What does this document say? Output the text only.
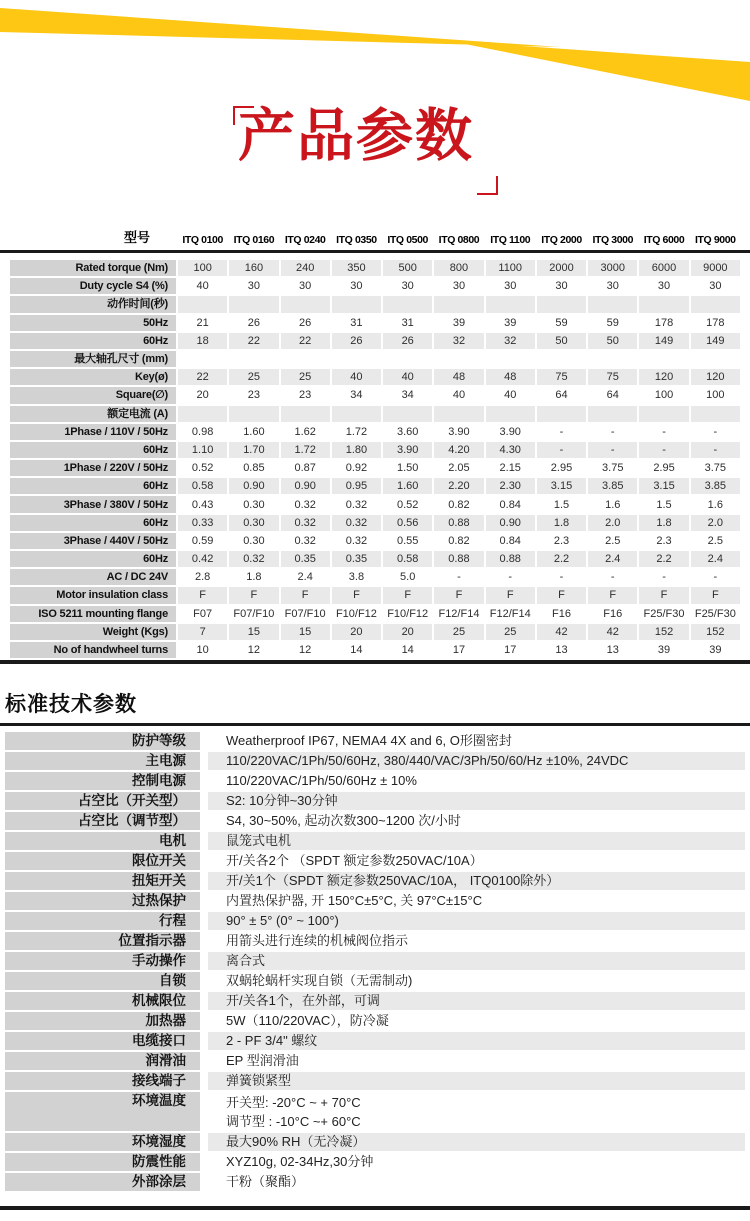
产品参数
型号	ITQ 0100	ITQ 0160	ITQ 0240	ITQ 0350	ITQ 0500	ITQ 0800	ITQ 1100	ITQ 2000	ITQ 3000	ITQ 6000	ITQ 9000
Rated torque (Nm)	100	160	240	350	500	800	1100	2000	3000	6000	9000
Duty cycle S4 (%)	40	30	30	30	30	30	30	30	30	30	30
动作时间(秒)											
50Hz	21	26	26	31	31	39	39	59	59	178	178
60Hz	18	22	22	26	26	32	32	50	50	149	149
最大轴孔尺寸 (mm)											
Key(ø)	22	25	25	40	40	48	48	75	75	120	120
Square(∅)	20	23	23	34	34	40	40	64	64	100	100
额定电流 (A)											
1Phase / 110V / 50Hz	0.98	1.60	1.62	1.72	3.60	3.90	3.90	-	-	-	-
60Hz	1.10	1.70	1.72	1.80	3.90	4.20	4.30	-	-	-	-
1Phase / 220V / 50Hz	0.52	0.85	0.87	0.92	1.50	2.05	2.15	2.95	3.75	2.95	3.75
60Hz	0.58	0.90	0.90	0.95	1.60	2.20	2.30	3.15	3.85	3.15	3.85
3Phase / 380V / 50Hz	0.43	0.30	0.32	0.32	0.52	0.82	0.84	1.5	1.6	1.5	1.6
60Hz	0.33	0.30	0.32	0.32	0.56	0.88	0.90	1.8	2.0	1.8	2.0
3Phase / 440V / 50Hz	0.59	0.30	0.32	0.32	0.55	0.82	0.84	2.3	2.5	2.3	2.5
60Hz	0.42	0.32	0.35	0.35	0.58	0.88	0.88	2.2	2.4	2.2	2.4
AC / DC 24V	2.8	1.8	2.4	3.8	5.0	-	-	-	-	-	-
Motor insulation class	F	F	F	F	F	F	F	F	F	F	F
ISO 5211 mounting flange	F07	F07/F10	F07/F10	F10/F12	F10/F12	F12/F14	F12/F14	F16	F16	F25/F30	F25/F30
Weight (Kgs)	7	15	15	20	20	25	25	42	42	152	152
No of handwheel turns	10	12	12	14	14	17	17	13	13	39	39
标准技术参数
防护等级	Weatherproof IP67, NEMA4 4X and 6, O形圈密封
主电源	110/220VAC/1Ph/50/60Hz, 380/440/VAC/3Ph/50/60/Hz ±10%, 24VDC
控制电源	110/220VAC/1Ph/50/60Hz ± 10%
占空比（开关型）	S2: 10分钟~30分钟
占空比（调节型）	S4, 30~50%, 起动次数300~1200 次/小时
电机	鼠笼式电机
限位开关	开/关各2个 （SPDT 额定参数250VAC/10A）
扭矩开关	开/关1个（SPDT 额定参数250VAC/10A， ITQ0100除外）
过热保护	内置热保护器, 开 150°C±5°C, 关 97°C±15°C
行程	90° ± 5° (0° ~ 100°)
位置指示器	用箭头进行连续的机械阀位指示
手动操作	离合式
自锁	双蜗轮蜗杆实现自锁（无需制动)
机械限位	开/关各1个，在外部，可调
加热器	5W（110/220VAC），防冷凝
电缆接口	2 - PF 3/4" 螺纹
润滑油	EP 型润滑油
接线端子	弹簧锁紧型
环境温度	开关型: -20°C ~ + 70°C
调节型 : -10°C ~+ 60°C
环境湿度	最大90% RH（无冷凝）
防震性能	XYZ10g, 02-34Hz,30分钟
外部涂层	干粉（聚酯）
